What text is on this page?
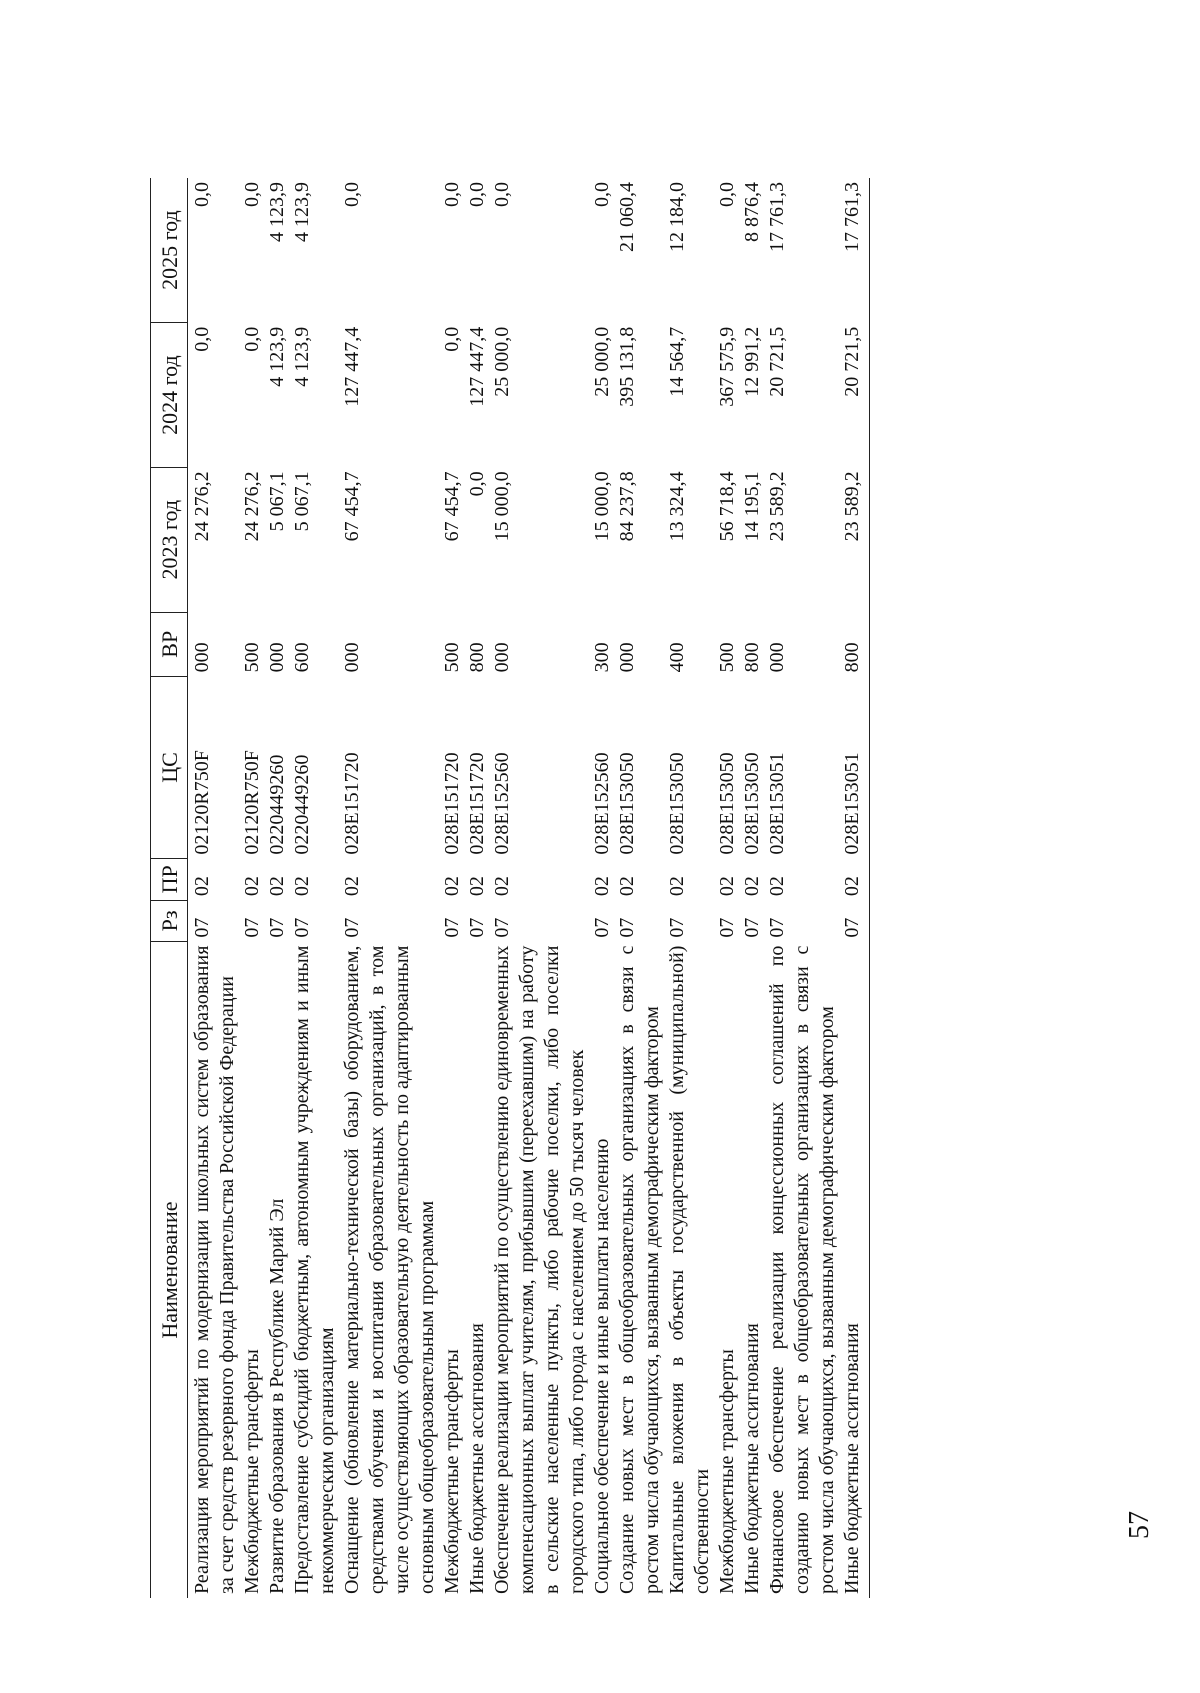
57
Наименование	Рз	ПР	ЦС	ВР	2023 год	2024 год	2025 год
Реализация мероприятий по модернизации школьных систем образования за счет средств резервного фонда Правительства Российской Федерации	07	02	02120R750F	000	24 276,2	0,0	0,0
Межбюджетные трансферты	07	02	02120R750F	500	24 276,2	0,0	0,0
Развитие образования в Республике Марий Эл	07	02	0220449260	000	5 067,1	4 123,9	4 123,9
Предоставление субсидий бюджетным, автономным учреждениям и иным некоммерческим организациям	07	02	0220449260	600	5 067,1	4 123,9	4 123,9
Оснащение (обновление материально-технической базы) оборудованием, средствами обучения и воспитания образовательных организаций, в том числе осуществляющих образовательную деятельность по адаптированным основным общеобразовательным программам	07	02	028E151720	000	67 454,7	127 447,4	0,0
Межбюджетные трансферты	07	02	028E151720	500	67 454,7	0,0	0,0
Иные бюджетные ассигнования	07	02	028E151720	800	0,0	127 447,4	0,0
Обеспечение реализации мероприятий по осуществлению единовременных компенсационных выплат учителям, прибывшим (переехавшим) на работу в сельские населенные пункты, либо рабочие поселки, либо поселки городского типа, либо города с населением до 50 тысяч человек	07	02	028E152560	000	15 000,0	25 000,0	0,0
Социальное обеспечение и иные выплаты населению	07	02	028E152560	300	15 000,0	25 000,0	0,0
Создание новых мест в общеобразовательных организациях в связи с ростом числа обучающихся, вызванным демографическим фактором	07	02	028E153050	000	84 237,8	395 131,8	21 060,4
Капитальные вложения в объекты государственной (муниципальной) собственности	07	02	028E153050	400	13 324,4	14 564,7	12 184,0
Межбюджетные трансферты	07	02	028E153050	500	56 718,4	367 575,9	0,0
Иные бюджетные ассигнования	07	02	028E153050	800	14 195,1	12 991,2	8 876,4
Финансовое обеспечение реализации концессионных соглашений по созданию новых мест в общеобразовательных организациях в связи с ростом числа обучающихся, вызванным демографическим фактором	07	02	028E153051	000	23 589,2	20 721,5	17 761,3
Иные бюджетные ассигнования	07	02	028E153051	800	23 589,2	20 721,5	17 761,3
